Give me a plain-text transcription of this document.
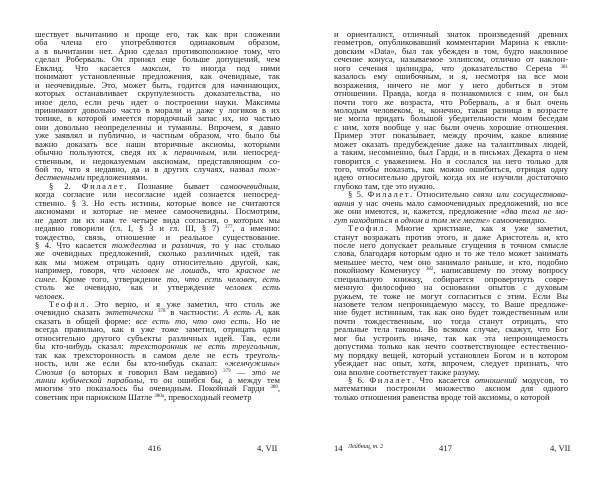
шествует вычитанию и проще его, так как при сложении
оба члена его употребляются одинаковым образом,
а в вычитании нет. Арно сделал противоположное тому, что
сделал Роберваль. Он принял еще больше допущений, чем
Евклид. Что касается максим, то иногда под ними
понимают установленные предложения, как очевидные, так
и неочевидные. Это, может быть, годится для начинающих,
которых останавливает скрупулезность доказательства, но
иное дело, если речь идет о построении науки. Максимы
принимают довольно часто в морали и даже у логиков в их
топике, в которой имеется порядочный запас их, но частью
они довольно неопределенны и туманны. Впрочем, я давно
уже заявлял и публично, и частным образом, что было бы
важно доказать все наши вторичные аксиомы, которыми
обычно пользуются, сведя их к первичным, или непосред-
ственным, и недоказуемым аксиомам, представляющим со-
бой то, что я недавно, да и в других случаях, назвал тож-
дественными предложениями.
§ 2. Филалет. Познание бывает самоочевидным,
когда согласие или несогласие идей сознается непосред-
ственно. § 3. Но есть истины, которые вовсе не считаются
аксиомами и которые не менее самоочевидны. Посмотрим,
не дают ли их нам те четыре вида согласия, о которых мы
недавно говорили (гл. I, § 3 и гл. III, § 7) $^{377}$, а именно:
тождество, связь, отношение и реальное существование.
§ 4. Что касается тождества и различия, то у нас столько
же очевидных предложений, сколько различных идей, так
как мы можем отрицать одну относительно другой, как,
например, говоря, что человек не лошадь, что красное не
синее. Кроме того, утверждение то, что есть человек, есть
столь же очевидно, как и утверждение человек есть
человек.
Теофил. Это верно, и я уже заметил, что столь же
очевидно сказать эктетически $^{378}$ в частности: А есть А, как
сказать в общей форме: все есть то, что оно есть. Но не
всегда правильно, как я уже тоже заметил, отрицать один
относительно другого субъекты различных идей. Так, если
бы кто-нибудь сказал: трехсторонник не есть треугольник,
так как трехсторонность в самом деле не есть треуголь-
ность, или же если бы кто-нибудь сказал: «жемчужины»
Слюзия (о которых я говорил Вам недавно) $^{379}$ — это не
линии кубической параболы, то он ошибся бы, а между тем
многим это показалось бы очевидным. Покойный Гарди $^{380}$,
советник при парижском Шатле $^{380a}$, превосходный геометр
и ориенталист, отличный знаток произведений древних
геометров, опубликовавший комментарии Марина к евкли-
довским «Data», был так убежден в том, будто наклонное
сечение конуса, называемое эллипсом, отлично от наклон-
ного сечения цилиндра, что доказательство Серена $^{381}$
казалось ему ошибочным, и я, несмотря на все мои
возражения, ничего не мог у него добиться в этом
отношении. Правда, когда я познакомился с ним, он был
почти того же возраста, что Роберваль, а я был очень
молодым человеком, и, конечно, такая разница в возрасте
не могла придать большой убедительности моим беседам
с ним, хотя вообще у нас были очень хорошие отношения.
Пример этот показывает, между прочим, какое влияние
может оказать предубеждение даже на талантливых людей,
а таким, несомненно, был Гарди, и в письмах Декарта о нем
говорится с уважением. Но я сослался на него только для
того, чтобы показать, как можно ошибиться, отрицая одну
идею относительно другой, когда их не изучили достаточно
глубоко там, где это нужно.
§ 5. Филалет. Относительно связи или сосуществова-
вания у нас очень мало самоочевидных предложений, но все
же они имеются, и, кажется, предложение «два тела не мо-
гут находиться в одном и том же месте» самоочевидно.
Теофил. Многие христиане, как я уже заметил,
станут возражать против этого, и даже Аристотель и, кто
после него допускает реальные сгущения в точном смысле
слова, благодаря которым одно и то же тело может занимать
меньшее место, чем оно занимало раньше, и кто, подобно
покойному Комениусу $^{382}$, написавшему по этому вопросу
специальную книжку, собирается опровергнуть совре-
менную философию на основании опытов с духовым
ружьем, те тоже не могут согласиться с этим. Если Вы
назовете телом непроницаемую массу, то Ваше предложе-
ние будет истинным, так как оно будет тождественным или
почти тождественным, но тогда станут отрицать, что
реальные тела таковы. Во всяком случае, скажут, что Бог
мог бы устроить иначе, так как эта непроницаемость
допустима только как нечто соответствующее естественно-
му порядку вещей, который установлен Богом и в котором
убеждает нас опыт, хотя, впрочем, следует признать, что
она вполне соответствует также разуму.
§ 6. Филалет. Что касается отношений модусов, то
математики построили множество аксиом для одного
только отношения равенства вроде той аксиомы, о которой
416	4, VII	14 Лейбниц, т. 2	417	4, VII
